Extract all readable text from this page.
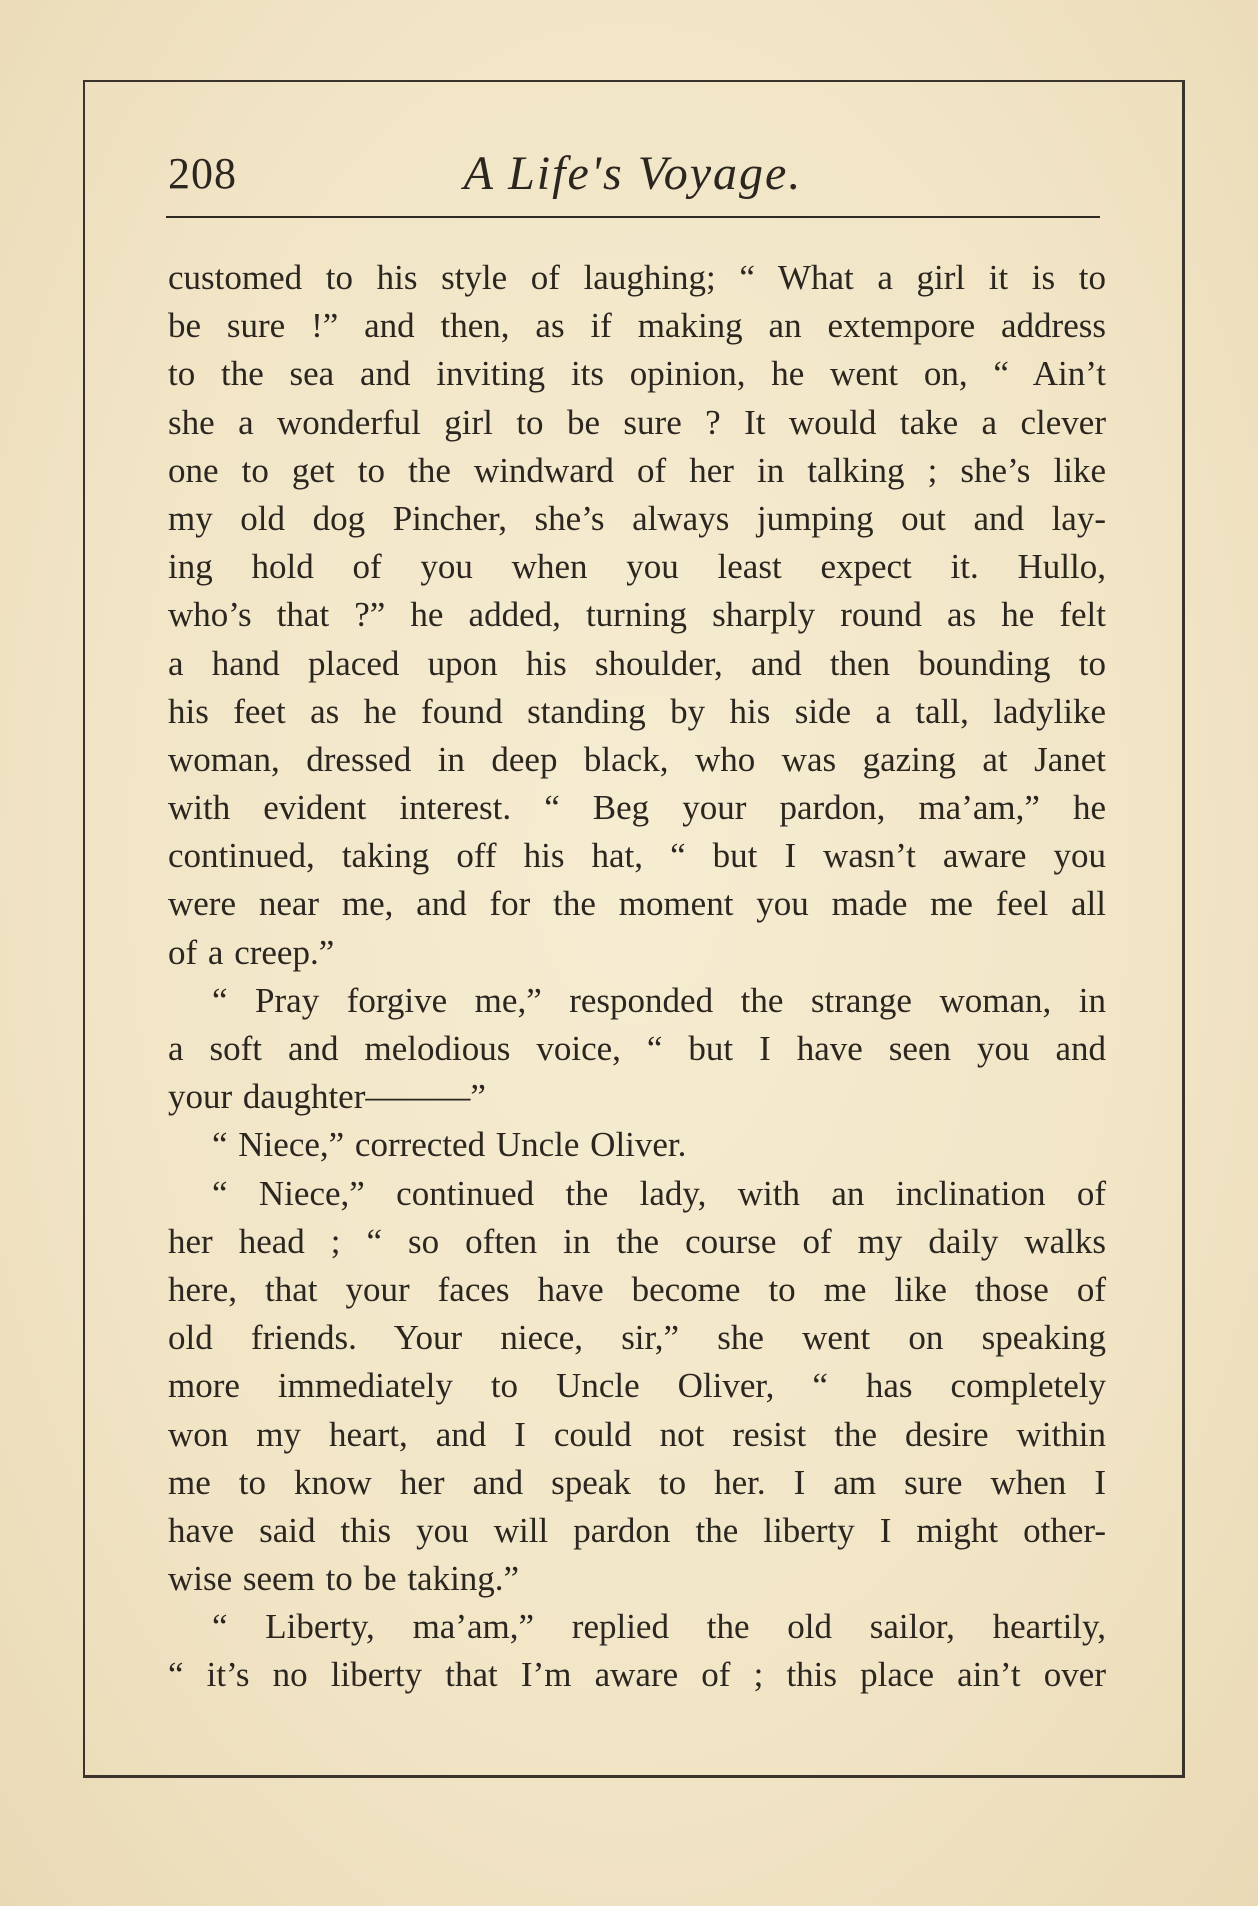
A Life's Voyage.
208
customed to his style of laughing; “ What a girl it is to
be sure !” and then, as if making an extempore address
to the sea and inviting its opinion, he went on, “ Ain’t
she a wonderful girl to be sure ? It would take a clever
one to get to the windward of her in talking ; she’s like
my old dog Pincher, she’s always jumping out and lay-
ing hold of you when you least expect it. Hullo,
who’s that ?” he added, turning sharply round as he felt
a hand placed upon his shoulder, and then bounding to
his feet as he found standing by his side a tall, ladylike
woman, dressed in deep black, who was gazing at Janet
with evident interest. “ Beg your pardon, ma’am,” he
continued, taking off his hat, “ but I wasn’t aware you
were near me, and for the moment you made me feel all
of a creep.”
“ Pray forgive me,” responded the strange woman, in
a soft and melodious voice, “ but I have seen you and
your daughter———”
“ Niece,” corrected Uncle Oliver.
“ Niece,” continued the lady, with an inclination of
her head ; “ so often in the course of my daily walks
here, that your faces have become to me like those of
old friends. Your niece, sir,” she went on speaking
more immediately to Uncle Oliver, “ has completely
won my heart, and I could not resist the desire within
me to know her and speak to her. I am sure when I
have said this you will pardon the liberty I might other-
wise seem to be taking.”
“ Liberty, ma’am,” replied the old sailor, heartily,
“ it’s no liberty that I’m aware of ; this place ain’t over
